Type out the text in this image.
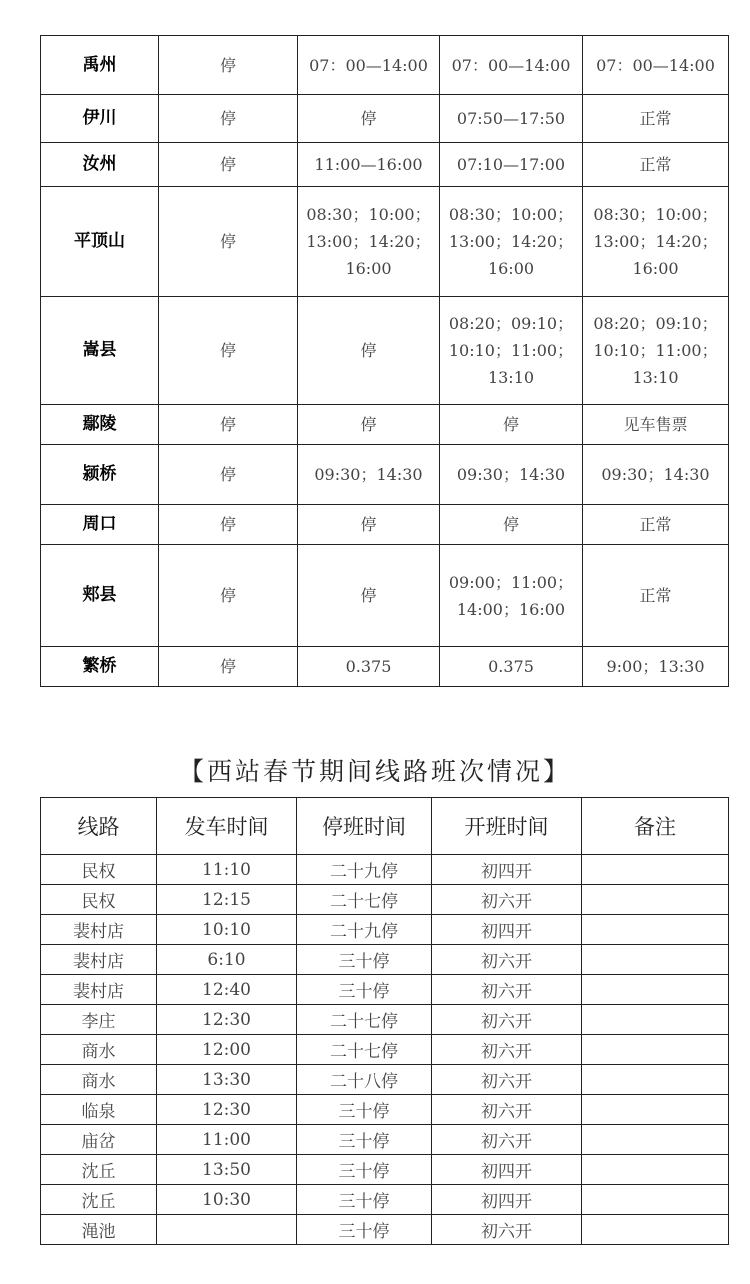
禹州	停	07：00—14:00	07：00—14:00	07：00—14:00
伊川	停	停	07:50—17:50	正常
汝州	停	11:00—16:00	07:10—17:00	正常
平顶山	停	08:30；10:00；13:00；14:20；16:00	08:30；10:00；13:00；14:20；16:00	08:30；10:00；13:00；14:20；16:00
嵩县	停	停	08:20；09:10；10:10；11:00；13:10	08:20；09:10；10:10；11:00；13:10
鄢陵	停	停	停	见车售票
颍桥	停	09:30；14:30	09:30；14:30	09:30；14:30
周口	停	停	停	正常
郏县	停	停	09:00；11:00；14:00；16:00	正常
繁桥	停	0.375	0.375	9:00；13:30
【西站春节期间线路班次情况】
线路	发车时间	停班时间	开班时间	备注
民权	11:10	二十九停	初四开	
民权	12:15	二十七停	初六开	
裴村店	10:10	二十九停	初四开	
裴村店	6:10	三十停	初六开	
裴村店	12:40	三十停	初六开	
李庄	12:30	二十七停	初六开	
商水	12:00	二十七停	初六开	
商水	13:30	二十八停	初六开	
临泉	12:30	三十停	初六开	
庙岔	11:00	三十停	初六开	
沈丘	13:50	三十停	初四开	
沈丘	10:30	三十停	初四开	
渑池		三十停	初六开	
